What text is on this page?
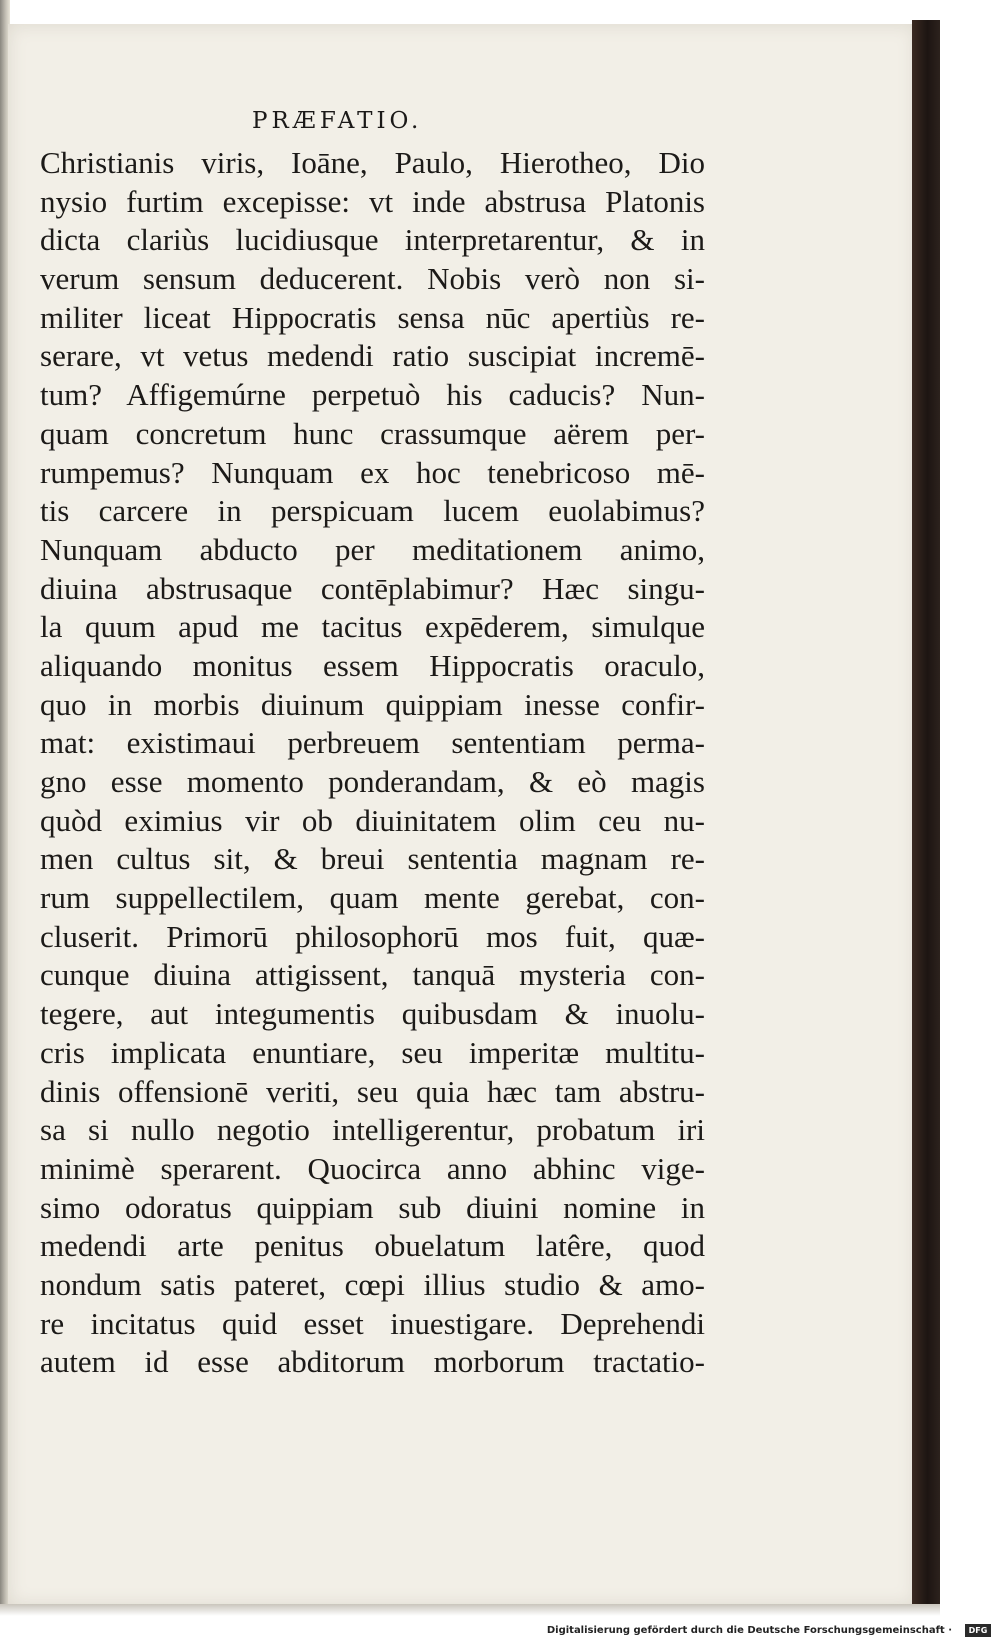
PRÆFATIO.
Christianis viris, Ioāne, Paulo, Hierotheo, Dio
nysio furtim excepisse: vt inde abstrusa Platonis
dicta clariùs lucidiusque interpretarentur, & in
verum sensum deducerent. Nobis verò non si-
militer liceat Hippocratis sensa nūc apertiùs re-
serare, vt vetus medendi ratio suscipiat incremē-
tum? Affigemúrne perpetuò his caducis? Nun-
quam concretum hunc crassumque aërem per-
rumpemus? Nunquam ex hoc tenebricoso mē-
tis carcere in perspicuam lucem euolabimus?
Nunquam abducto per meditationem animo,
diuina abstrusaque contēplabimur? Hæc singu-
la quum apud me tacitus expēderem, simulque
aliquando monitus essem Hippocratis oraculo,
quo in morbis diuinum quippiam inesse confir-
mat: existimaui perbreuem sententiam perma-
gno esse momento ponderandam, & eò magis
quòd eximius vir ob diuinitatem olim ceu nu-
men cultus sit, & breui sententia magnam re-
rum suppellectilem, quam mente gerebat, con-
cluserit. Primorū philosophorū mos fuit, quæ-
cunque diuina attigissent, tanquā mysteria con-
tegere, aut integumentis quibusdam & inuolu-
cris implicata enuntiare, seu imperitæ multitu-
dinis offensionē veriti, seu quia hæc tam abstru-
sa si nullo negotio intelligerentur, probatum iri
minimè sperarent. Quocirca anno abhinc vige-
simo odoratus quippiam sub diuini nomine in
medendi arte penitus obuelatum latêre, quod
nondum satis pateret, cœpi illius studio & amo-
re incitatus quid esset inuestigare. Deprehendi
autem id esse abditorum morborum tractatio-
Digitalisierung gefördert durch die Deutsche Forschungsgemeinschaft ·	DFG
